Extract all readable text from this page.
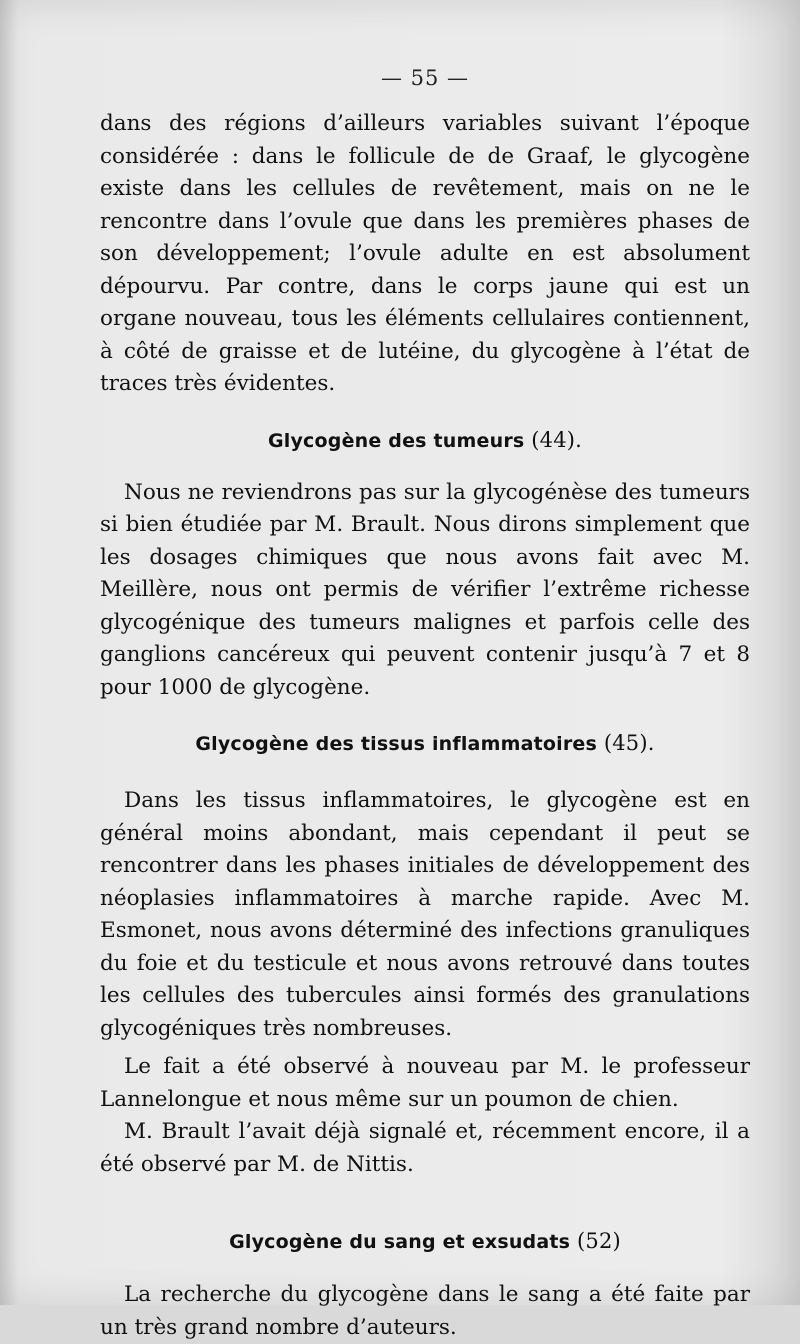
— 55 —

dans des régions d’ailleurs variables suivant l’époque considérée : dans le follicule de de Graaf, le glycogène existe dans les cellules de revêtement, mais on ne le rencontre dans l’ovule que dans les premières phases de son développement; l’ovule adulte en est absolument dépourvu. Par contre, dans le corps jaune qui est un organe nouveau, tous les éléments cellulaires contiennent, à côté de graisse et de lutéine, du glycogène à l’état de traces très évidentes.

Glycogène des tumeurs (44).

Nous ne reviendrons pas sur la glycogénèse des tumeurs si bien étudiée par M. Brault. Nous dirons simplement que les dosages chimiques que nous avons fait avec M. Meillère, nous ont permis de vérifier l’extrême richesse glycogénique des tumeurs malignes et parfois celle des ganglions cancéreux qui peuvent contenir jusqu’à 7 et 8 pour 1000 de glycogène.

Glycogène des tissus inflammatoires (45).

Dans les tissus inflammatoires, le glycogène est en général moins abondant, mais cependant il peut se rencontrer dans les phases initiales de développement des néoplasies inflammatoires à marche rapide. Avec M. Esmonet, nous avons déterminé des infections granuliques du foie et du testicule et nous avons retrouvé dans toutes les cellules des tubercules ainsi formés des granulations glycogéniques très nombreuses.

Le fait a été observé à nouveau par M. le professeur Lannelongue et nous même sur un poumon de chien.

M. Brault l’avait déjà signalé et, récemment encore, il a été observé par M. de Nittis.

Glycogène du sang et exsudats (52)

La recherche du glycogène dans le sang a été faite par un très grand nombre d’auteurs.
